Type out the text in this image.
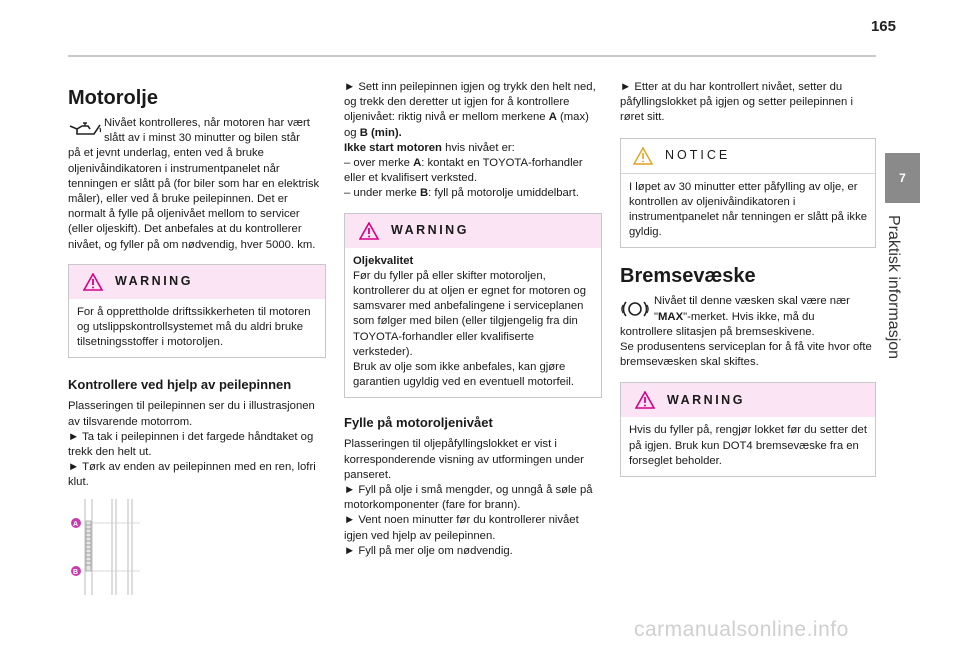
165
7
Praktisk informasjon
Motorolje

Nivået kontrolleres, når motoren har vært slått av i minst 30 minutter og bilen står

på et jevnt underlag, enten ved å bruke oljenivåindikatoren i instrumentpanelet når tenningen er slått på (for biler som har en elektrisk måler), eller ved å bruke peilepinnen. Det er normalt å fylle på oljenivået mellom to servicer (eller oljeskift). Det anbefales at du kontrollerer nivået, og fyller på om nødvendig, hver 5000. km.

WARNING

For å opprettholde driftssikkerheten til motoren og utslippskontrollsystemet må du aldri bruke tilsetningsstoffer i motoroljen.

Kontrollere ved hjelp av peilepinnen

Plasseringen til peilepinnen ser du i illustrasjonen av tilsvarende motorrom.

► Ta tak i peilepinnen i det fargede håndtaket og trekk den helt ut.

► Tørk av enden av peilepinnen med en ren, lofri klut.

A
B

► Sett inn peilepinnen igjen og trykk den helt ned, og trekk den deretter ut igjen for å kontrollere oljenivået: riktig nivå er mellom merkene A (max) og B (min).

Ikke start motoren hvis nivået er:

– over merke A: kontakt en TOYOTA-forhandler eller et kvalifisert verksted.

– under merke B: fyll på motorolje umiddelbart.

WARNING

Oljekvalitet

Før du fyller på eller skifter motoroljen, kontrollerer du at oljen er egnet for motoren og samsvarer med anbefalingene i serviceplanen som følger med bilen (eller tilgjengelig fra din TOYOTA-forhandler eller kvalifiserte verksteder).

Bruk av olje som ikke anbefales, kan gjøre garantien ugyldig ved en eventuell motorfeil.

Fylle på motoroljenivået

Plasseringen til oljepåfyllingslokket er vist i korresponderende visning av utformingen under panseret.

► Fyll på olje i små mengder, og unngå å søle på motorkomponenter (fare for brann).

► Vent noen minutter før du kontrollerer nivået igjen ved hjelp av peilepinnen.

► Fyll på mer olje om nødvendig.

► Etter at du har kontrollert nivået, setter du påfyllingslokket på igjen og setter peilepinnen i røret sitt.

NOTICE

I løpet av 30 minutter etter påfylling av olje, er kontrollen av oljenivåindikatoren i instrumentpanelet når tenningen er slått på ikke gyldig.

Bremsevæske

Nivået til denne væsken skal være nær "MAX"-merket. Hvis ikke, må du

kontrollere slitasjen på bremseskivene.

Se produsentens serviceplan for å få vite hvor ofte bremsevæsken skal skiftes.

WARNING

Hvis du fyller på, rengjør lokket før du setter det på igjen. Bruk kun DOT4 bremsevæske fra en forseglet beholder.

carmanualsonline.info
